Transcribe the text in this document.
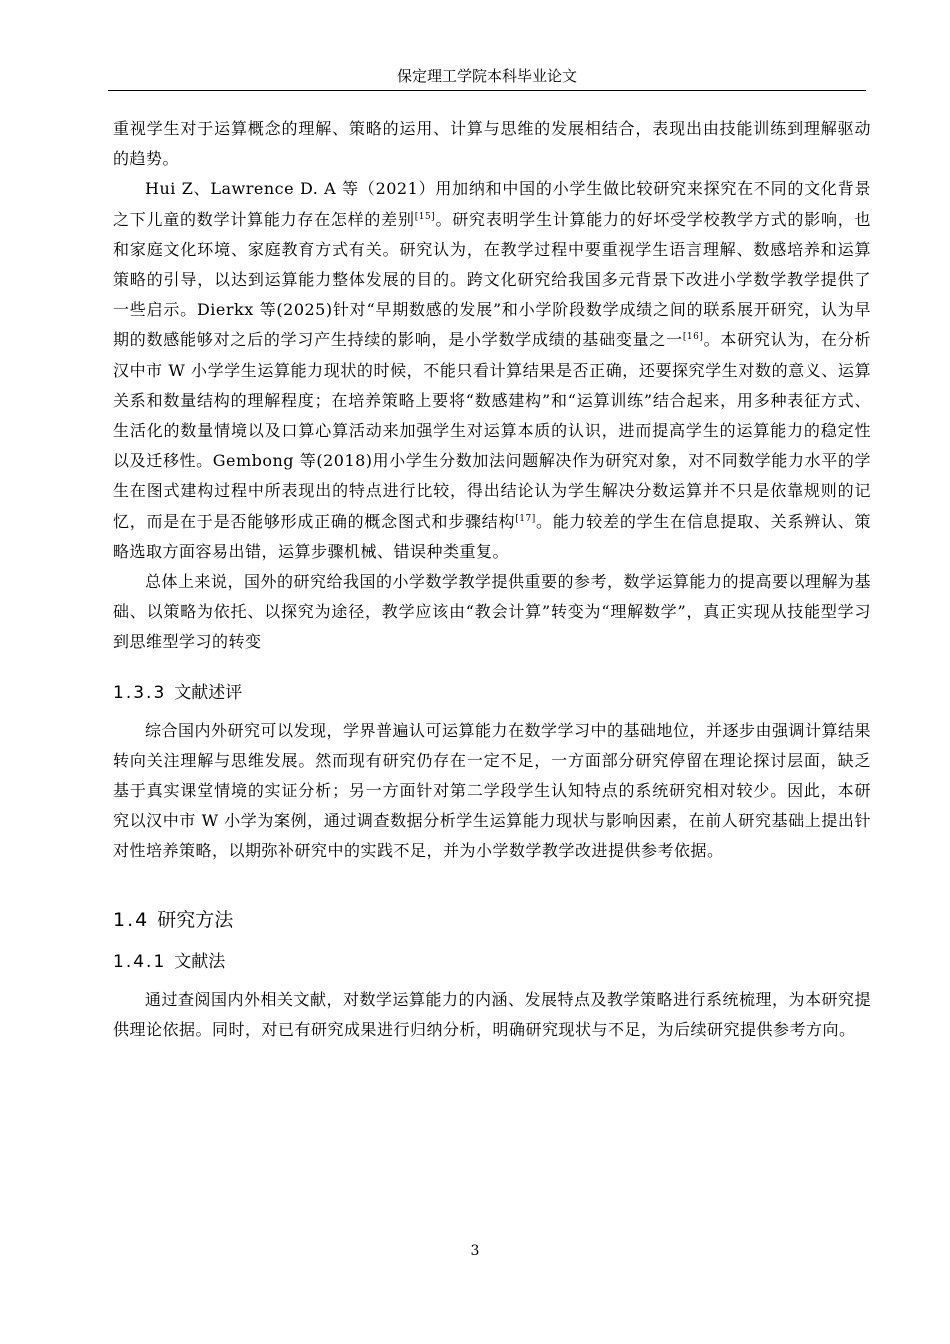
保定理工学院本科毕业论文

重视学生对于运算概念的理解、策略的运用、计算与思维的发展相结合，表现出由技能训练到理解驱动的趋势。

Hui Z、Lawrence D. A 等（2021）用加纳和中国的小学生做比较研究来探究在不同的文化背景之下儿童的数学计算能力存在怎样的差别[15]。研究表明学生计算能力的好坏受学校教学方式的影响，也和家庭文化环境、家庭教育方式有关。研究认为，在教学过程中要重视学生语言理解、数感培养和运算策略的引导，以达到运算能力整体发展的目的。跨文化研究给我国多元背景下改进小学数学教学提供了一些启示。Dierkx 等(2025)针对“早期数感的发展”和小学阶段数学成绩之间的联系展开研究，认为早期的数感能够对之后的学习产生持续的影响，是小学数学成绩的基础变量之一[16]。本研究认为，在分析汉中市 W 小学学生运算能力现状的时候，不能只看计算结果是否正确，还要探究学生对数的意义、运算关系和数量结构的理解程度；在培养策略上要将“数感建构”和“运算训练”结合起来，用多种表征方式、生活化的数量情境以及口算心算活动来加强学生对运算本质的认识，进而提高学生的运算能力的稳定性以及迁移性。Gembong 等(2018)用小学生分数加法问题解决作为研究对象，对不同数学能力水平的学生在图式建构过程中所表现出的特点进行比较，得出结论认为学生解决分数运算并不只是依靠规则的记忆，而是在于是否能够形成正确的概念图式和步骤结构[17]。能力较差的学生在信息提取、关系辨认、策略选取方面容易出错，运算步骤机械、错误种类重复。

总体上来说，国外的研究给我国的小学数学教学提供重要的参考，数学运算能力的提高要以理解为基础、以策略为依托、以探究为途径，教学应该由“教会计算”转变为“理解数学”，真正实现从技能型学习到思维型学习的转变

1.3.3 文献述评

综合国内外研究可以发现，学界普遍认可运算能力在数学学习中的基础地位，并逐步由强调计算结果转向关注理解与思维发展。然而现有研究仍存在一定不足，一方面部分研究停留在理论探讨层面，缺乏基于真实课堂情境的实证分析；另一方面针对第二学段学生认知特点的系统研究相对较少。因此，本研究以汉中市 W 小学为案例，通过调查数据分析学生运算能力现状与影响因素，在前人研究基础上提出针对性培养策略，以期弥补研究中的实践不足，并为小学数学教学改进提供参考依据。

1.4 研究方法
1.4.1 文献法

通过查阅国内外相关文献，对数学运算能力的内涵、发展特点及教学策略进行系统梳理，为本研究提供理论依据。同时，对已有研究成果进行归纳分析，明确研究现状与不足，为后续研究提供参考方向。

3
